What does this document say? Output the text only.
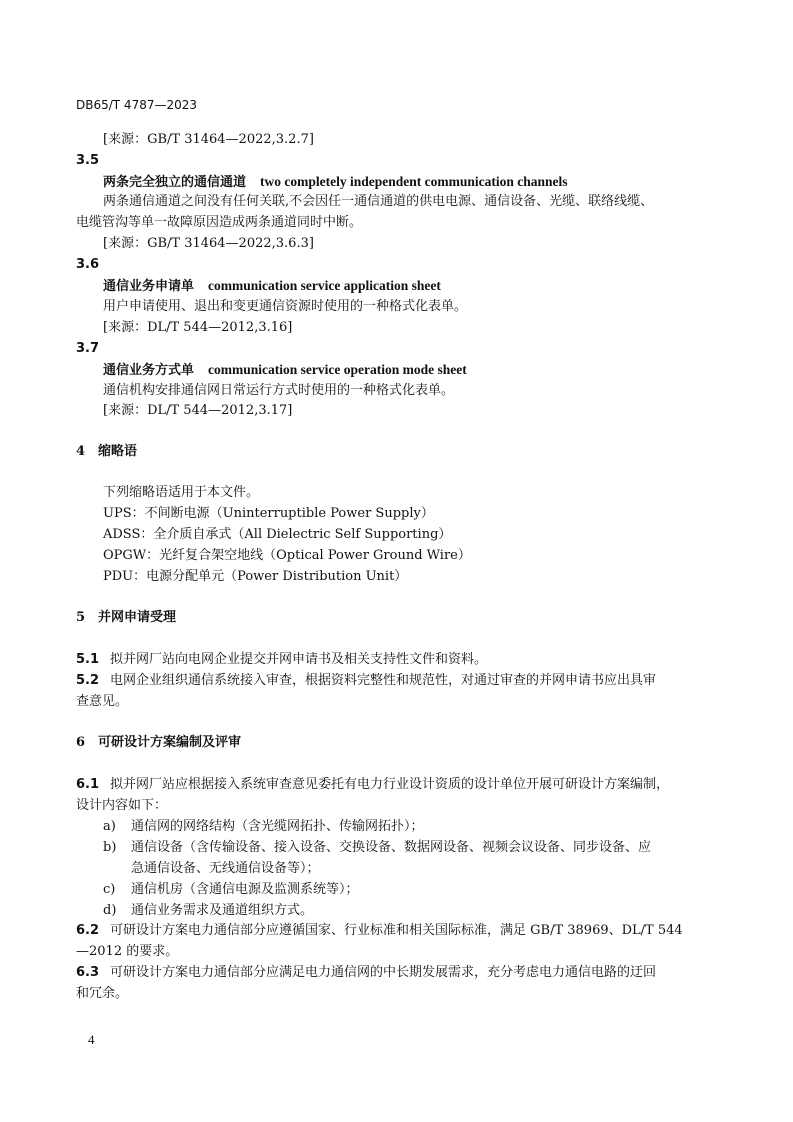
DB65/T 4787—2023
[来源：GB/T 31464—2022,3.2.7]
3.5
两条完全独立的通信通道 two completely independent communication channels
两条通信通道之间没有任何关联,不会因任一通信通道的供电电源、通信设备、光缆、联络线缆、
电缆管沟等单一故障原因造成两条通道同时中断。
[来源：GB/T 31464—2022,3.6.3]
3.6
通信业务申请单 communication service application sheet
用户申请使用、退出和变更通信资源时使用的一种格式化表单。
[来源：DL/T 544—2012,3.16]
3.7
通信业务方式单 communication service operation mode sheet
通信机构安排通信网日常运行方式时使用的一种格式化表单。
[来源：DL/T 544—2012,3.17]
4　缩略语
下列缩略语适用于本文件。
UPS：不间断电源（Uninterruptible Power Supply）
ADSS：全介质自承式（All Dielectric Self Supporting）
OPGW：光纤复合架空地线（Optical Power Ground Wire）
PDU：电源分配单元（Power Distribution Unit）
5　并网申请受理
5.1 拟并网厂站向电网企业提交并网申请书及相关支持性文件和资料。
5.2 电网企业组织通信系统接入审查，根据资料完整性和规范性，对通过审查的并网申请书应出具审
查意见。
6　可研设计方案编制及评审
6.1 拟并网厂站应根据接入系统审查意见委托有电力行业设计资质的设计单位开展可研设计方案编制，
设计内容如下：
a) 通信网的网络结构（含光缆网拓扑、传输网拓扑）；
b) 通信设备（含传输设备、接入设备、交换设备、数据网设备、视频会议设备、同步设备、应
急通信设备、无线通信设备等）；
c) 通信机房（含通信电源及监测系统等）；
d) 通信业务需求及通道组织方式。
6.2 可研设计方案电力通信部分应遵循国家、行业标准和相关国际标准，满足 GB/T 38969、DL/T 544
—2012 的要求。
6.3 可研设计方案电力通信部分应满足电力通信网的中长期发展需求，充分考虑电力通信电路的迂回
和冗余。
4
